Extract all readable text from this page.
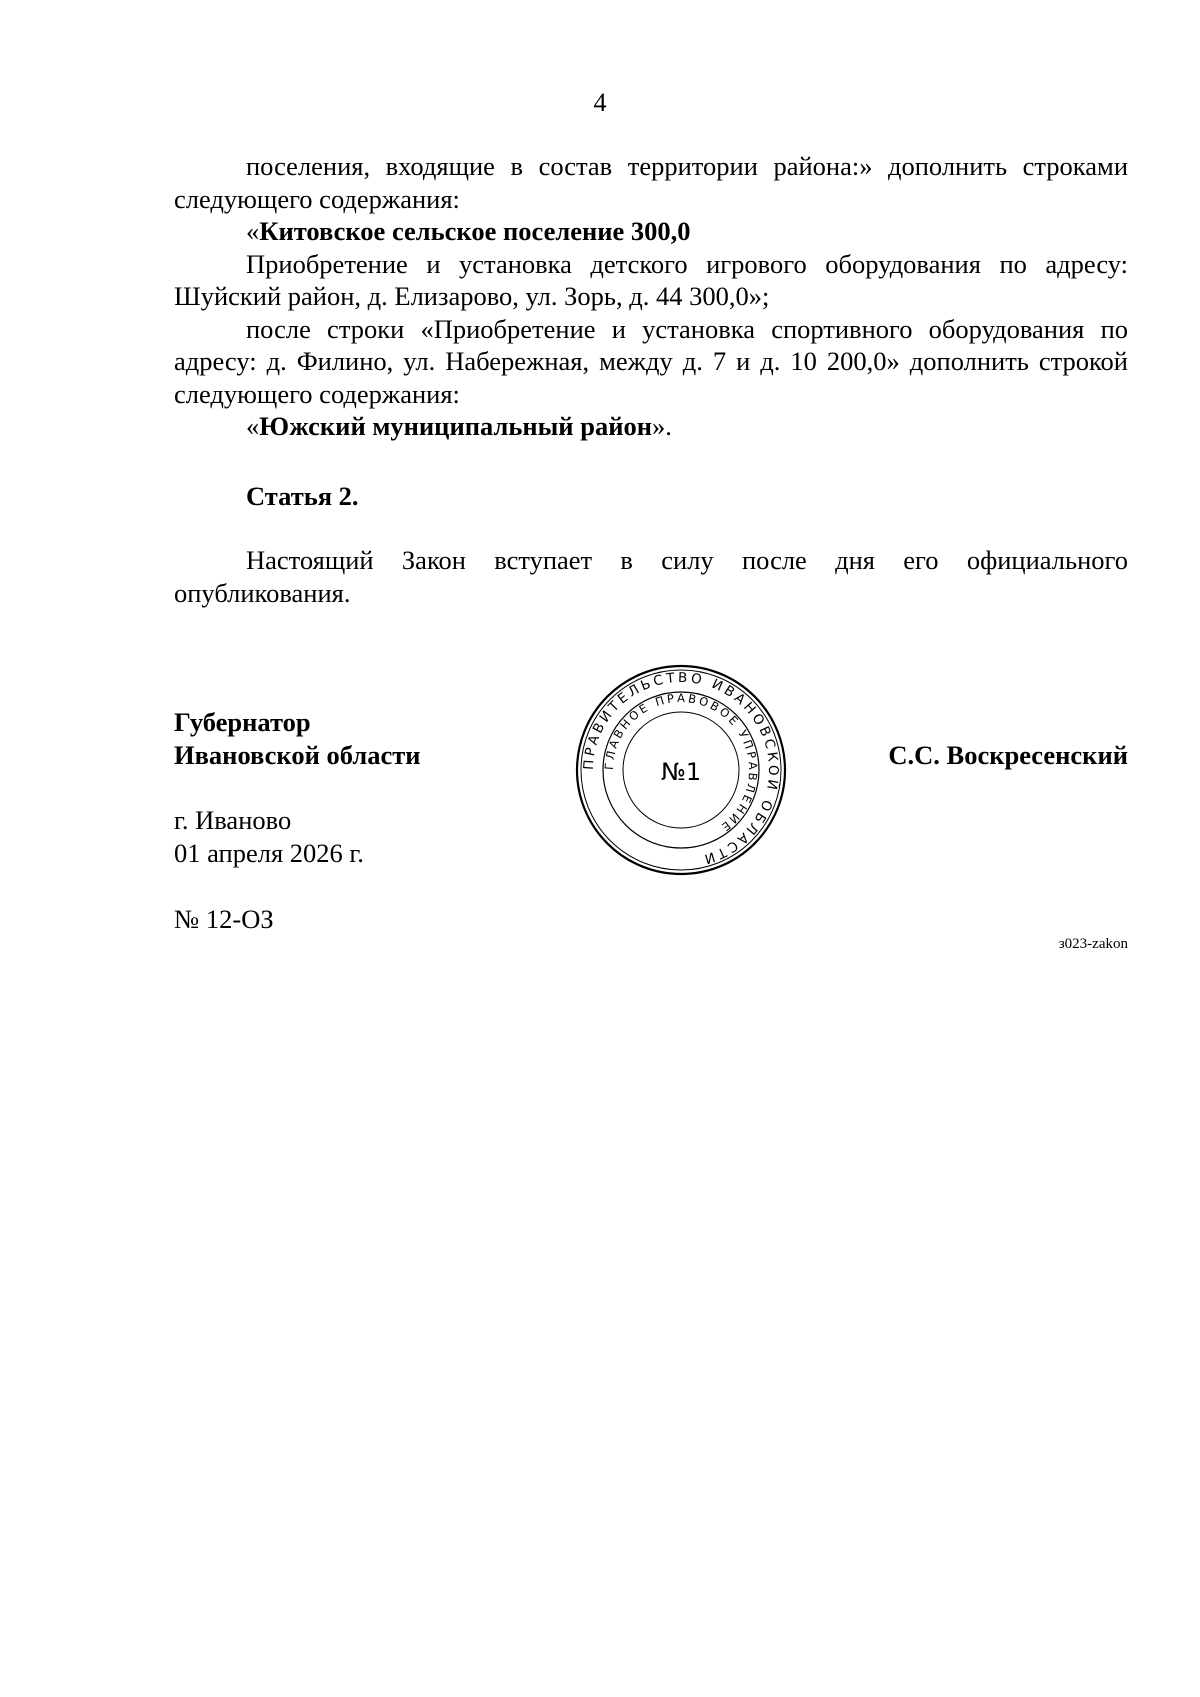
4

поселения, входящие в состав территории района:» дополнить строками следующего содержания:

«Китовское сельское поселение 300,0

Приобретение и установка детского игрового оборудования по адресу: Шуйский район, д. Елизарово, ул. Зорь, д. 44 300,0»;

после строки «Приобретение и установка спортивного оборудования по адресу: д. Филино, ул. Набережная, между д. 7 и д. 10 200,0» дополнить строкой следующего содержания:

«Южский муниципальный район».

Статья 2.

Настоящий Закон вступает в силу после дня его официального опубликования.

Губернатор
Ивановской области	ПРАВИТЕЛЬСТВО ИВАНОВСКОЙ ОБЛАСТИ
ГЛАВНОЕ ПРАВОВОЕ УПРАВЛЕНИЕ
№1
С.С. Воскресенский
г. Иваново
01 апреля 2026 г.
№ 12-ОЗ
з023-zakon
